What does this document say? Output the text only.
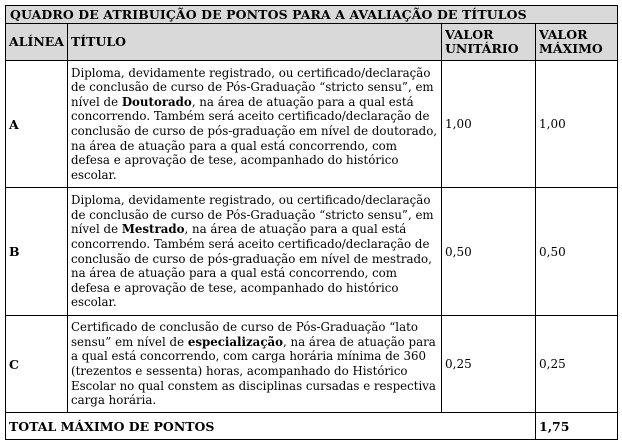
QUADRO DE ATRIBUIÇÃO DE PONTOS PARA A AVALIAÇÃO DE TÍTULOS			
ALÍNEA	TÍTULO	VALOR UNITÁRIO	VALOR MÁXIMO
A	Diploma, devidamente registrado, ou certificado/declaração de conclusão de curso de Pós-Graduação “stricto sensu”, em nível de Doutorado, na área de atuação para a qual está concorrendo. Também será aceito certificado/declaração de conclusão de curso de pós-graduação em nível de doutorado, na área de atuação para a qual está concorrendo, com defesa e aprovação de tese, acompanhado do histórico escolar.	1,00	1,00
B	Diploma, devidamente registrado, ou certificado/declaração de conclusão de curso de Pós-Graduação “stricto sensu”, em nível de Mestrado, na área de atuação para a qual está concorrendo. Também será aceito certificado/declaração de conclusão de curso de pós-graduação em nível de mestrado, na área de atuação para a qual está concorrendo, com defesa e aprovação de tese, acompanhado do histórico escolar.	0,50	0,50
C	Certificado de conclusão de curso de Pós-Graduação “lato sensu” em nível de especialização, na área de atuação para a qual está concorrendo, com carga horária mínima de 360 (trezentos e sessenta) horas, acompanhado do Histórico Escolar no qual constem as disciplinas cursadas e respectiva carga horária.	0,25	0,25
TOTAL MÁXIMO DE PONTOS			1,75
